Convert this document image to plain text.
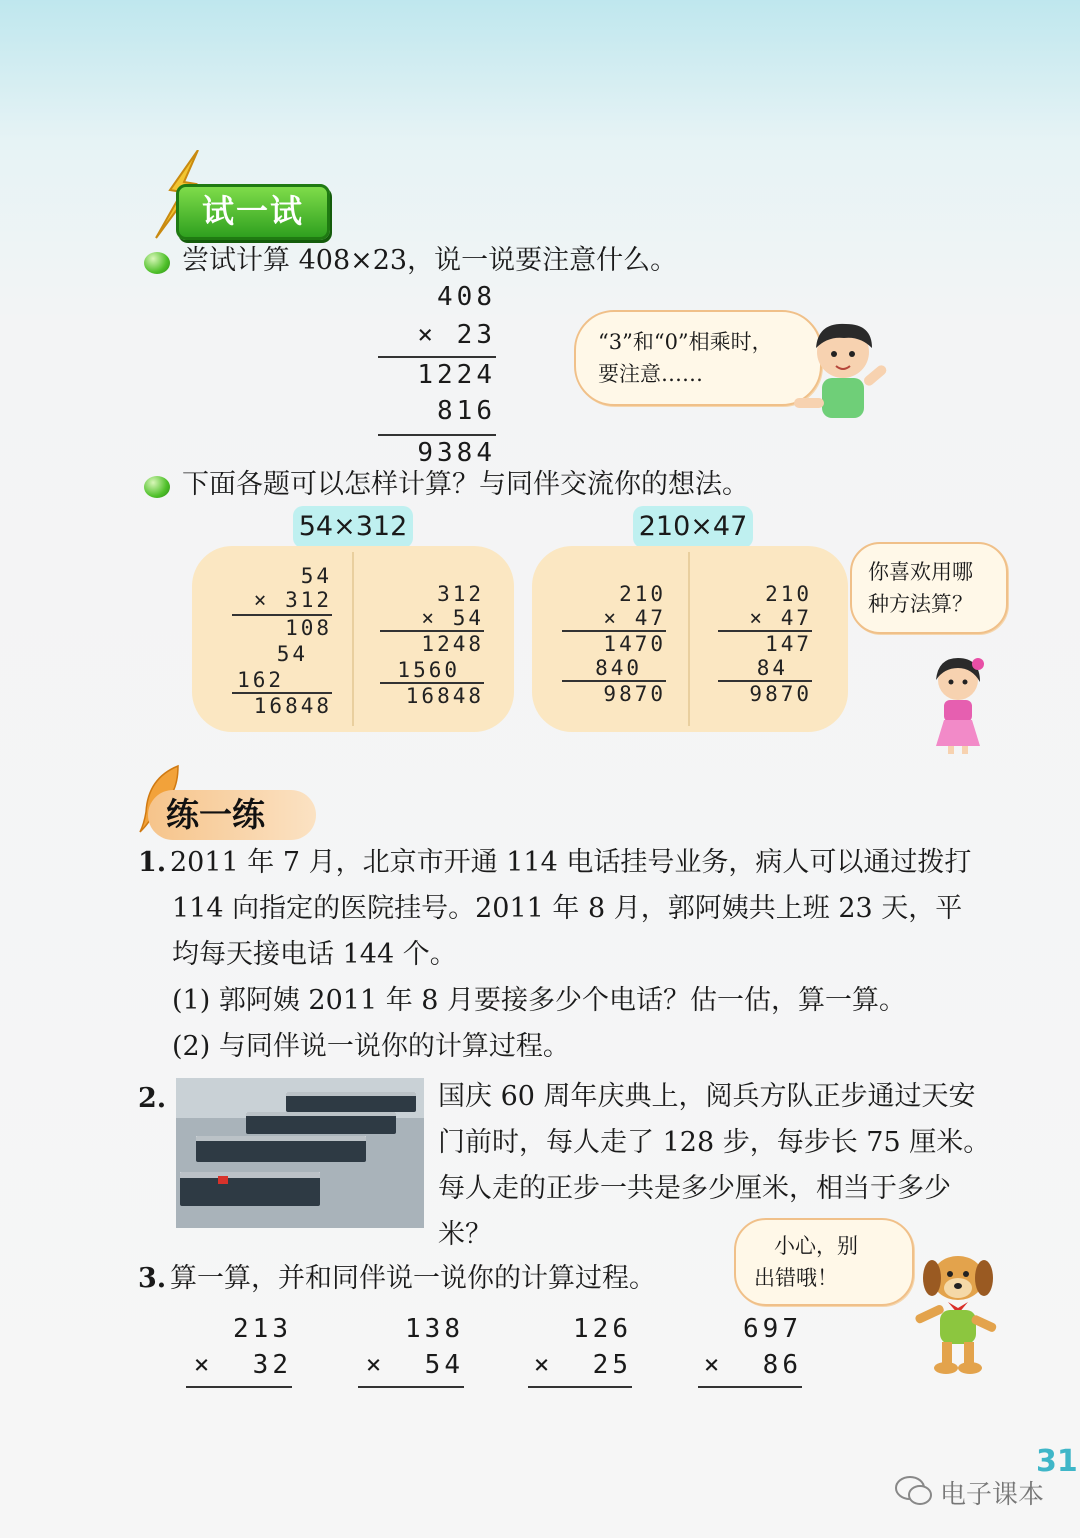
试一试
尝试计算 408×23，说一说要注意什么。
408
× 23
1224
816
9384
“3”和“0”相乘时，
要注意……
下面各题可以怎样计算？与同伴交流你的想法。
54×312
54
× 312
108
54
162
16848
312
× 54
1248
1560
16848
210×47
210
× 47
1470
840
9870
210
× 47
147
84
9870
你喜欢用哪
种方法算？
练一练
1. 2011 年 7 月，北京市开通 114 电话挂号业务，病人可以通过拨打
114 向指定的医院挂号。2011 年 8 月，郭阿姨共上班 23 天，平
均每天接电话 144 个。
(1) 郭阿姨 2011 年 8 月要接多少个电话？估一估，算一算。
(2) 与同伴说一说你的计算过程。
2.	国庆 60 周年庆典上，阅兵方队正步通过天安
门前时，每人走了 128 步，每步长 75 厘米。
每人走的正步一共是多少厘米，相当于多少
米？	小心，别
出错哦！
3. 算一算，并和同伴说一说你的计算过程。
213
×  32
138
×  54
126
×  25
697
×  86
31
电子课本
